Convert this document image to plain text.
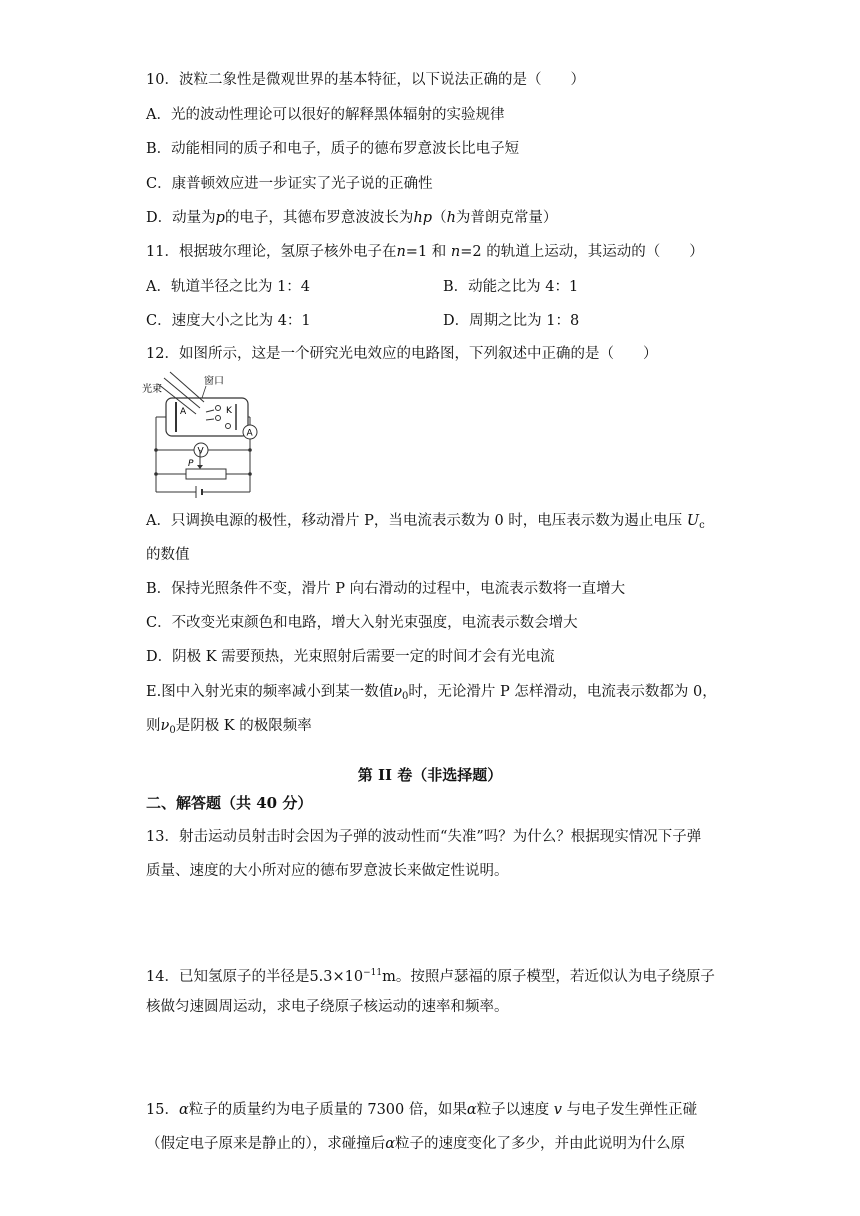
10．波粒二象性是微观世界的基本特征，以下说法正确的是（　　）
A．光的波动性理论可以很好的解释黑体辐射的实验规律
B．动能相同的质子和电子，质子的德布罗意波长比电子短
C．康普顿效应进一步证实了光子说的正确性
D．动量为p的电子，其德布罗意波波长为hp（h为普朗克常量）
11．根据玻尔理论，氢原子核外电子在n=1 和 n=2 的轨道上运动，其运动的（　　）
A．轨道半径之比为 1：4	B．动能之比为 4：1
C．速度大小之比为 4：1	D．周期之比为 1：8
12．如图所示，这是一个研究光电效应的电路图，下列叙述中正确的是（　　）
光束
窗口
A	K
A
V
P
A．只调换电源的极性，移动滑片 P，当电流表示数为 0 时，电压表示数为遏止电压 $U_c$
的数值
B．保持光照条件不变，滑片 P 向右滑动的过程中，电流表示数将一直增大
C．不改变光束颜色和电路，增大入射光束强度，电流表示数会增大
D．阴极 K 需要预热，光束照射后需要一定的时间才会有光电流
E.图中入射光束的频率减小到某一数值$\nu_0$时，无论滑片 P 怎样滑动，电流表示数都为 0，
则$\nu_0$是阴极 K 的极限频率
第 II 卷（非选择题）
二、解答题（共 40 分）
13．射击运动员射击时会因为子弹的波动性而“失准”吗？为什么？根据现实情况下子弹
质量、速度的大小所对应的德布罗意波长来做定性说明。
14．已知氢原子的半径是$5.3\times 10^{-11}m$。按照卢瑟福的原子模型，若近似认为电子绕原子
核做匀速圆周运动，求电子绕原子核运动的速率和频率。
15．α粒子的质量约为电子质量的 7300 倍，如果α粒子以速度 v 与电子发生弹性正碰
（假定电子原来是静止的），求碰撞后α粒子的速度变化了多少，并由此说明为什么原
